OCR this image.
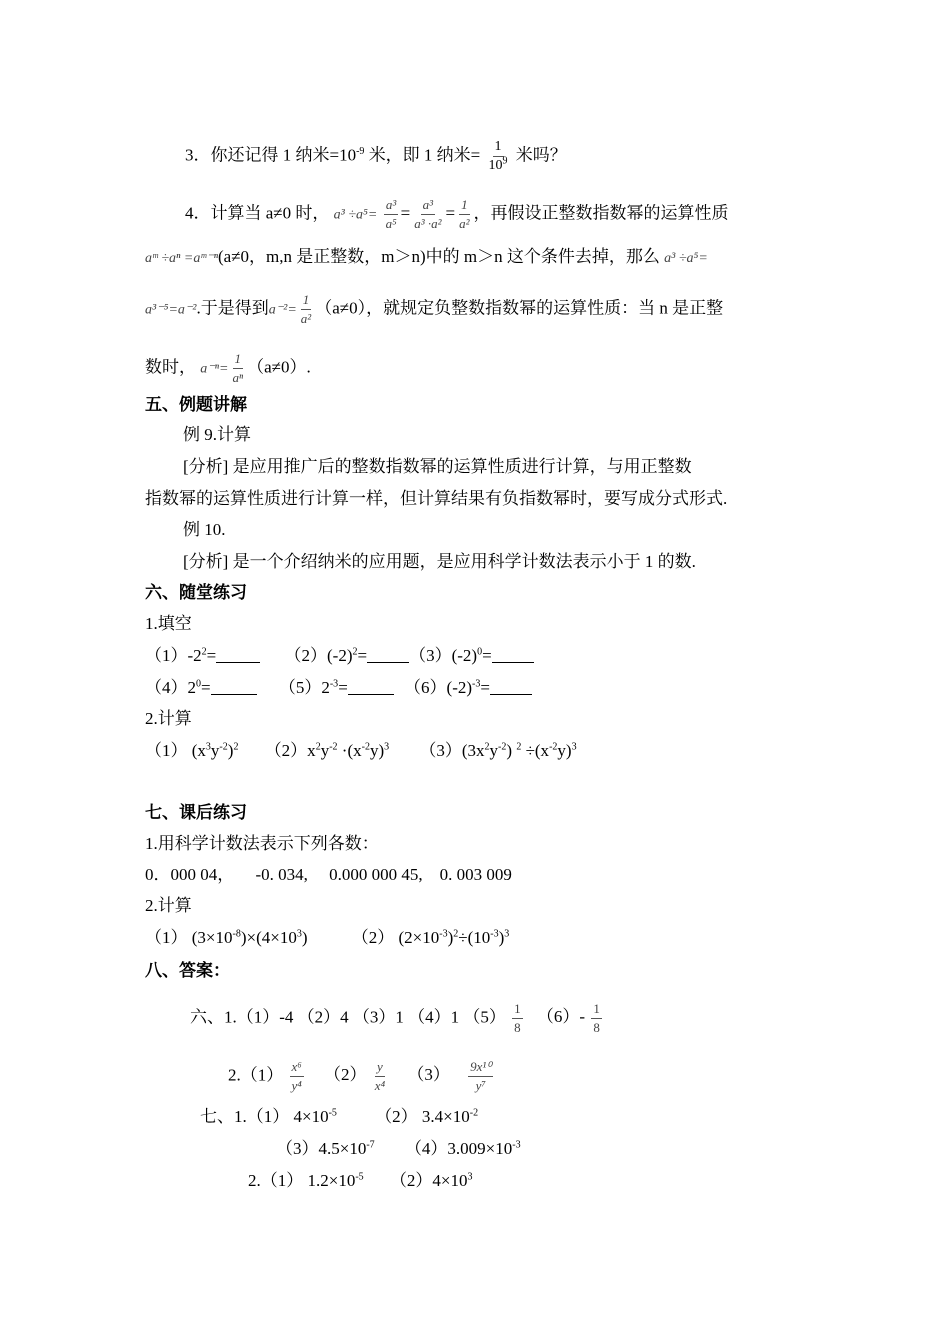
3．你还记得 1 纳米$=10^{-9}$ 米，即 1 纳米= $\frac{1}{10^9}$ 米吗？
4．计算当 a≠0 时， $a^3 \div a^5= \frac{\text{a³}}{\text{a⁵}} = \frac{\text{a³}}{\text{a³ ·a²}} = \frac{1}{\text{a²}}$ ，再假设正整数指数幂的运算性质
aᵐ ÷aⁿ =aᵐ⁻ⁿ(a≠0，m,n 是正整数，m＞n)中的 m＞n 这个条件去掉，那么 a³ ÷a⁵=
a³⁻⁵=a⁻².于是得到$a^{-2}= \frac{1}{\text{a²}} (a\ne 0)$，就规定负整数指数幂的运算性质：当 n 是正整
数时， $a^{-n}= \frac{1}{\text{aⁿ}} (a\ne 0)$.
五、例题讲解
例 9.计算
[分析] 是应用推广后的整数指数幂的运算性质进行计算，与用正整数
指数幂的运算性质进行计算一样，但计算结果有负指数幂时，要写成分式形式.
例 10.
[分析] 是一个介绍纳米的应用题，是应用科学计数法表示小于 1 的数.
六、随堂练习
1.填空
$(1)-2^2=$	$(2)(-2)^2= (3)(-2)^0=$
$(4)2^0=$	$(5)2^{-3}=$	$(6)(-2)^{-3}=$
2.计算
（1） $(x^3y^{-2})^2$ $(2)x^2y^{-2} \cdot(x^{-2}y)^3$ $(3)(3x^2y^{-2})$ $^2 \div(x^{-2}y)^3$
七、课后练习
1.用科学计数法表示下列各数：
0．000 04，     -0. 034,     0.000 000 45,    0. 003 009
2.计算
（1） $(3\times 10^{-8})\times(4\times 10^3)$	（2） $(2\times 10^{-3})^2\div(10^{-3})^3$
八、答案：
六、1.（1）-4 （2）4 （3）1 （4）1 $(5) \frac{1}{8} (6)- \frac{1}{8}$
$2.(1) \frac{\text{x⁶}}{\text{y⁴}} (2) \frac{y}{\text{x⁴}} (3) \frac{\text{9x¹⁰}}{\text{y⁷}}$
七、1.（1） $4\times 10^{-5}$ （2） $3.4\times 10^{-2}$
$(3)4.5\times 10^{-7}$ $(4)3.009\times 10^{-3}$
2.（1） $1.2\times 10^{-5}$ $(2)4\times 10^3$
